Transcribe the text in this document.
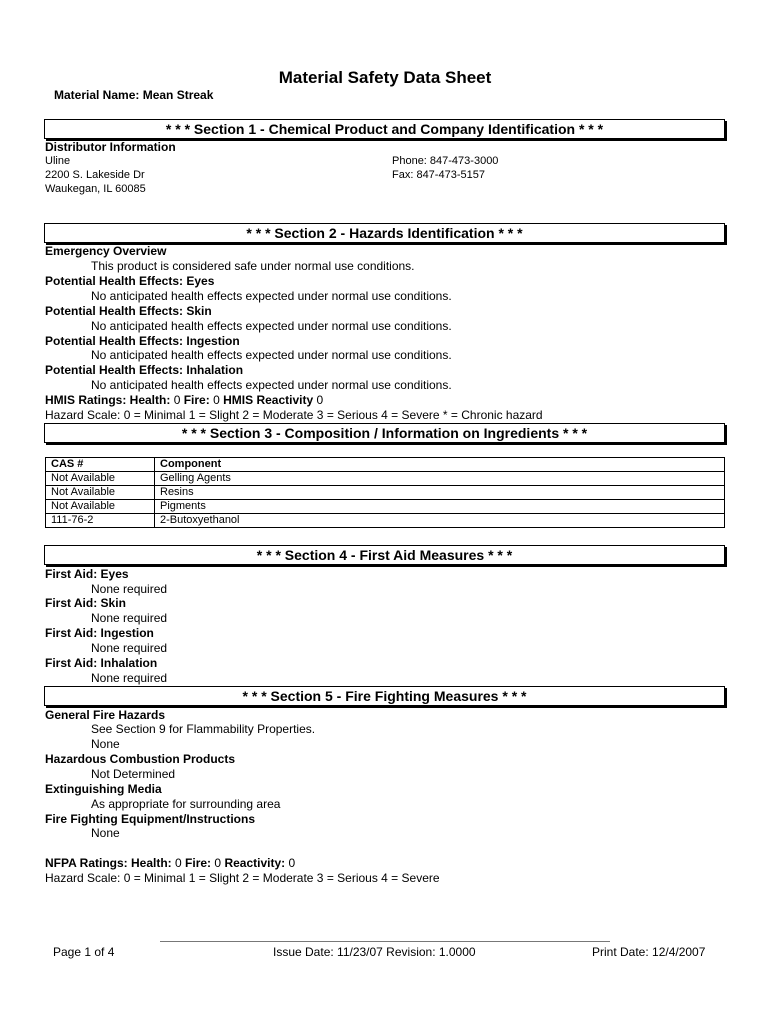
Material Safety Data Sheet
Material Name: Mean Streak
* * * Section 1 - Chemical Product and Company Identification * * *
Distributor Information
Uline
2200 S. Lakeside Dr
Waukegan, IL 60085
Phone: 847-473-3000
Fax: 847-473-5157
* * * Section 2 - Hazards Identification * * *
Emergency Overview
This product is considered safe under normal use conditions.
Potential Health Effects: Eyes
No anticipated health effects expected under normal use conditions.
Potential Health Effects: Skin
No anticipated health effects expected under normal use conditions.
Potential Health Effects: Ingestion
No anticipated health effects expected under normal use conditions.
Potential Health Effects: Inhalation
No anticipated health effects expected under normal use conditions.
HMIS Ratings: Health: 0 Fire: 0 HMIS Reactivity 0
Hazard Scale: 0 = Minimal 1 = Slight 2 = Moderate 3 = Serious 4 = Severe * = Chronic hazard
* * * Section 3 - Composition / Information on Ingredients * * *
CAS #	Component
Not Available	Gelling Agents
Not Available	Resins
Not Available	Pigments
111-76-2	2-Butoxyethanol
* * * Section 4 - First Aid Measures * * *
First Aid: Eyes
None required
First Aid: Skin
None required
First Aid: Ingestion
None required
First Aid: Inhalation
None required
* * * Section 5 - Fire Fighting Measures * * *
General Fire Hazards
See Section 9 for Flammability Properties.
None
Hazardous Combustion Products
Not Determined
Extinguishing Media
As appropriate for surrounding area
Fire Fighting Equipment/Instructions
None
NFPA Ratings: Health: 0 Fire: 0 Reactivity: 0
Hazard Scale: 0 = Minimal 1 = Slight 2 = Moderate 3 = Serious 4 = Severe
Page 1 of 4	Issue Date: 11/23/07 Revision: 1.0000	Print Date: 12/4/2007
